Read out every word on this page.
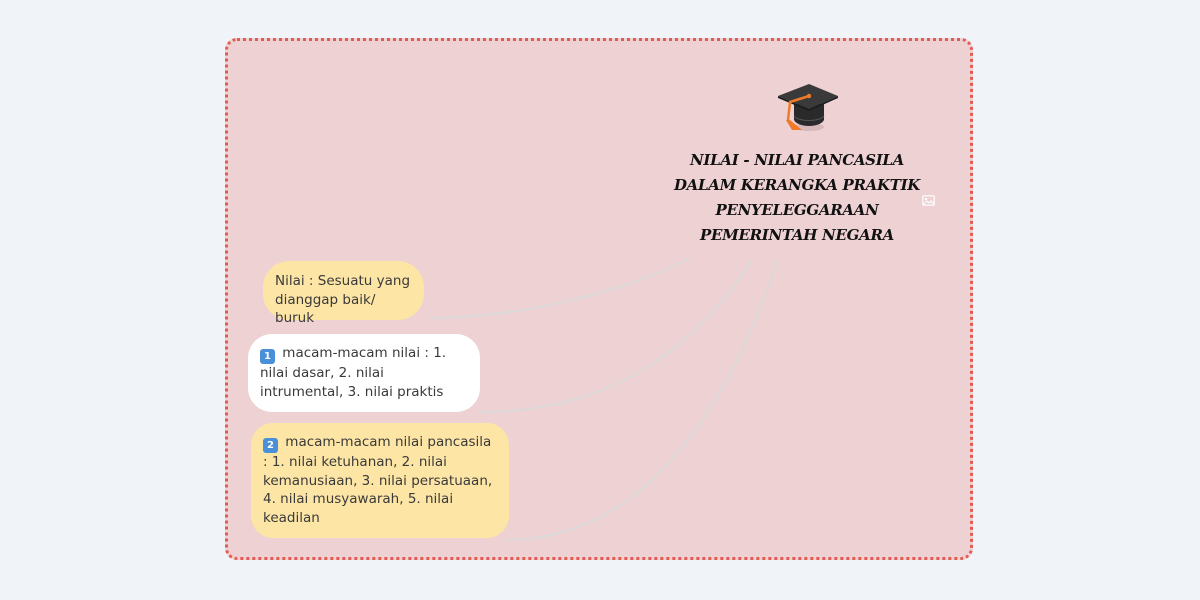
NILAI - NILAI PANCASILA
DALAM KERANGKA PRAKTIK
PENYELEGGARAAN
PEMERINTAH NEGARA
Nilai : Sesuatu yang dianggap baik/ buruk
1 macam-macam nilai : 1. nilai dasar, 2. nilai intrumental, 3. nilai praktis
2 macam-macam nilai pancasila : 1. nilai ketuhanan, 2. nilai kemanusiaan, 3. nilai persatuaan, 4. nilai musyawarah, 5. nilai keadilan
